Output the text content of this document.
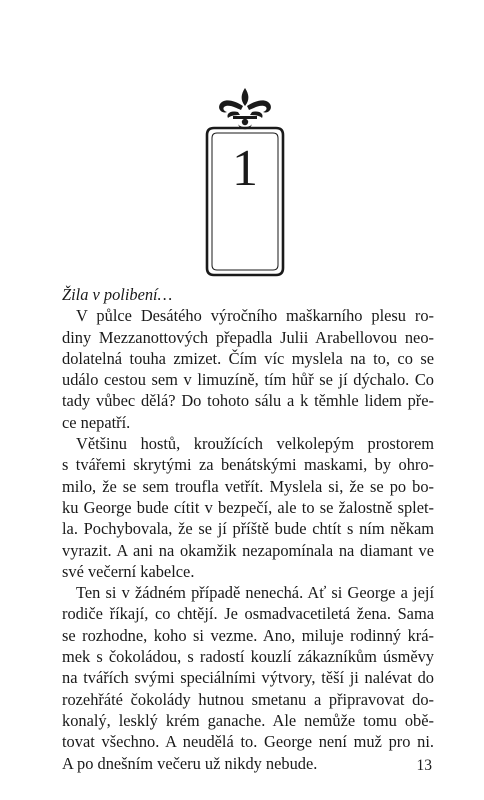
1
Žila v polibení…
V půlce Desátého výročního maškarního plesu ro-
diny Mezzanottových přepadla Julii Arabellovou neo-
dolatelná touha zmizet. Čím víc myslela na to, co se
událo cestou sem v limuzíně, tím hůř se jí dýchalo. Co
tady vůbec dělá? Do tohoto sálu a k těmhle lidem pře-
ce nepatří.
Většinu hostů, kroužících velkolepým prostorem
s tvářemi skrytými za benátskými maskami, by ohro-
milo, že se sem troufla vetřít. Myslela si, že se po bo-
ku George bude cítit v bezpečí, ale to se žalostně splet-
la. Pochybovala, že se jí příště bude chtít s ním někam
vyrazit. A ani na okamžik nezapomínala na diamant ve
své večerní kabelce.
Ten si v žádném případě nenechá. Ať si George a její
rodiče říkají, co chtějí. Je osmadvacetiletá žena. Sama
se rozhodne, koho si vezme. Ano, miluje rodinný krá-
mek s čokoládou, s radostí kouzlí zákazníkům úsměvy
na tvářích svými speciálními výtvory, těší ji nalévat do
rozehřáté čokolády hutnou smetanu a připravovat do-
konalý, lesklý krém ganache. Ale nemůže tomu obě-
tovat všechno. A neudělá to. George není muž pro ni.
A po dnešním večeru už nikdy nebude.	13
